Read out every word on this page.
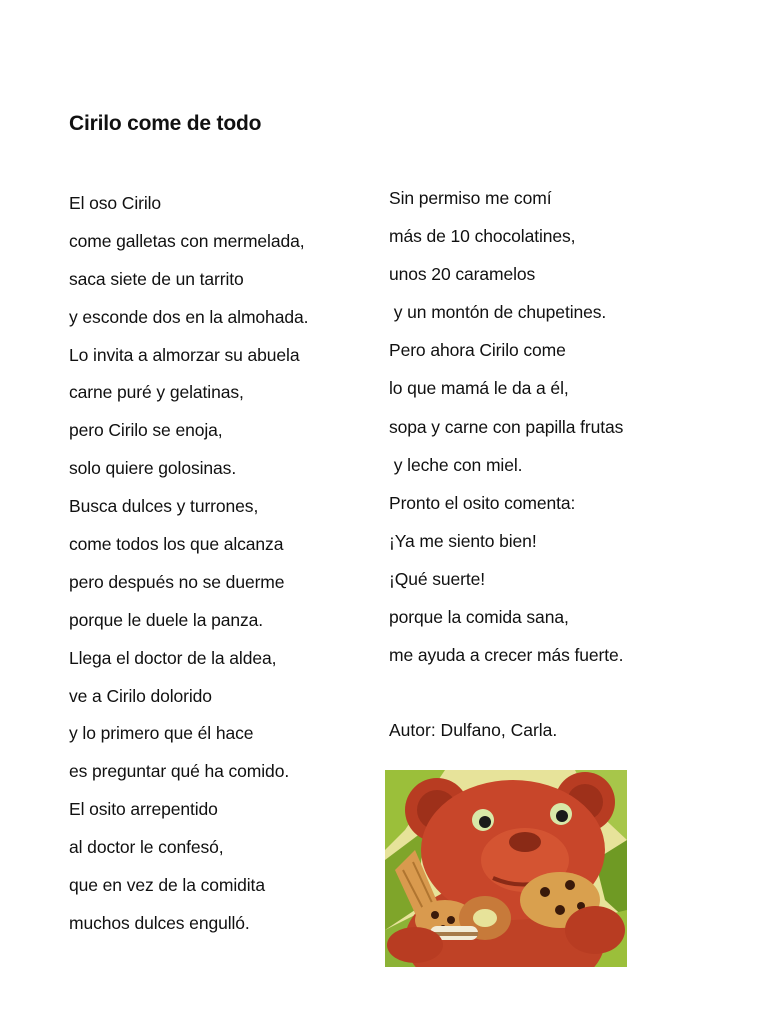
Cirilo come de todo
El oso Cirilo
come galletas con mermelada,
saca siete de un tarrito
y esconde dos en la almohada.
Lo invita a almorzar su abuela
carne puré y gelatinas,
pero Cirilo se enoja,
solo quiere golosinas.
Busca dulces y turrones,
come todos los que alcanza
pero después no se duerme
porque le duele la panza.
Llega el doctor de la aldea,
ve a Cirilo dolorido
y lo primero que él hace
es preguntar qué ha comido.
El osito arrepentido
al doctor le confesó,
que en vez de la comidita
muchos dulces engulló.
Sin permiso me comí
más de 10 chocolatines,
unos 20 caramelos
y un montón de chupetines.
Pero ahora Cirilo come
lo que mamá le da a él,
sopa y carne con papilla frutas
y leche con miel.
Pronto el osito comenta:
¡Ya me siento bien!
¡Qué suerte!
porque la comida sana,
me ayuda a crecer más fuerte.
Autor: Dulfano, Carla.
